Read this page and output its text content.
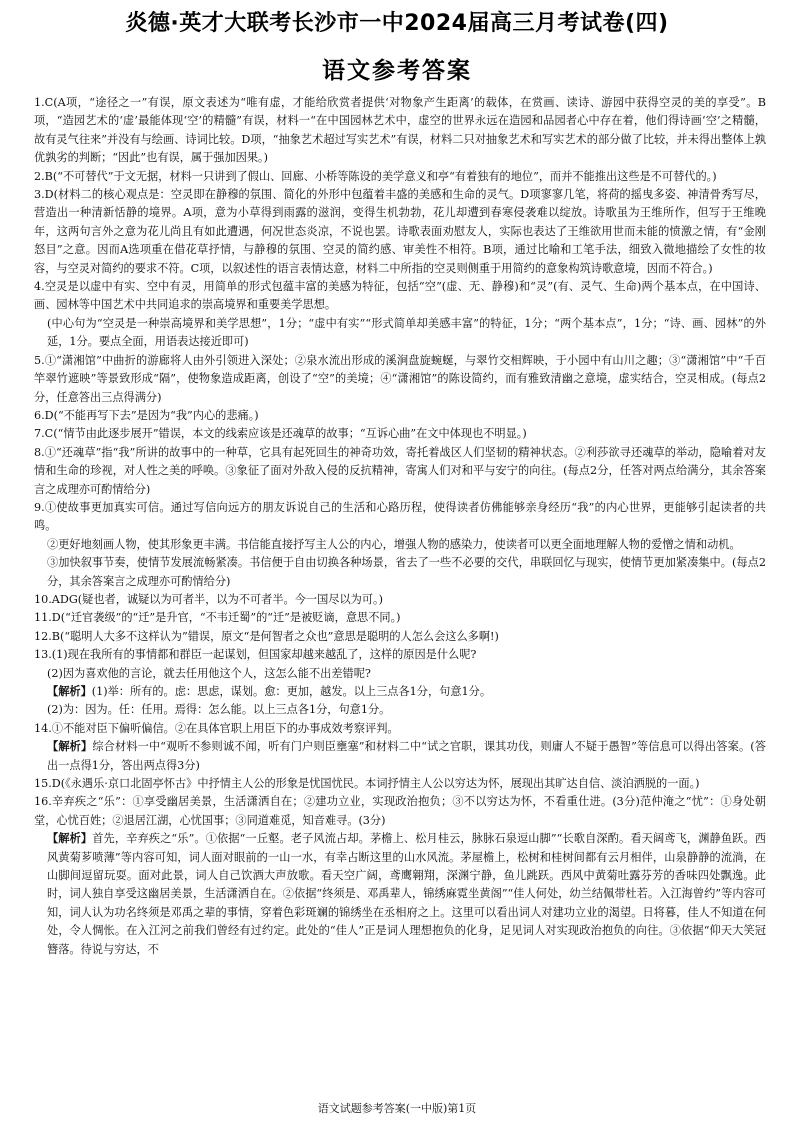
炎德·英才大联考长沙市一中2024届高三月考试卷(四)
语文参考答案

1.C(A项，“途径之一”有误，原文表述为“唯有虚，才能给欣赏者提供‘对物象产生距离’的载体，在赏画、读诗、游园中获得空灵的美的享受”。B项，“造园艺术的‘虚’最能体现‘空’的精髓”有误，材料一“在中国园林艺术中，虚空的世界永远在造园和品园者心中存在着，他们得诗画‘空’之精髓，故有灵气往来”并没有与绘画、诗词比较。D项，“抽象艺术超过写实艺术”有误，材料二只对抽象艺术和写实艺术的部分做了比较，并未得出整体上孰优孰劣的判断；“因此”也有误，属于强加因果。)

2.B(“不可替代”于文无据，材料一只讲到了假山、回廊、小桥等陈设的美学意义和亭“有着独有的地位”，而并不能推出这些是不可替代的。)

3.D(材料二的核心观点是：空灵即在静穆的氛围、简化的外形中包蕴着丰盛的美感和生命的灵气。D项寥寥几笔，将荷的摇曳多姿、神清骨秀写尽，营造出一种清新恬静的境界。A项，意为小草得到雨露的滋润，变得生机勃勃，花儿却遭到春寒侵袭难以绽放。诗歌虽为王维所作，但写于王维晚年，这两句言外之意为花儿尚且有如此遭遇，何况世态炎凉，不说也罢。诗歌表面劝慰友人，实际也表达了王维欲用世而未能的愤激之情，有“金刚怒目”之意。因而A选项重在借花草抒情，与静穆的氛围、空灵的简约感、审美性不相符。B项，通过比喻和工笔手法，细致入微地描绘了女性的妆容，与空灵对简约的要求不符。C项，以叙述性的语言表情达意，材料二中所指的空灵则侧重于用简约的意象构筑诗歌意境，因而不符合。)

4.空灵是以虚中有实、空中有灵，用简单的形式包蕴丰富的美感为特征，包括“空”(虚、无、静穆)和“灵”(有、灵气、生命)两个基本点，在中国诗、画、园林等中国艺术中共同追求的崇高境界和重要美学思想。

(中心句为“空灵是一种崇高境界和美学思想”，1分；“虚中有实”“形式简单却美感丰富”的特征，1分；“两个基本点”，1分；“诗、画、园林”的外延，1分。要点全面，用语表达接近即可)

5.①“潇湘馆”中曲折的游廊将人由外引领进入深处；②泉水流出形成的溪涧盘旋蜿蜒，与翠竹交相辉映，于小园中有山川之趣；③“潇湘馆”中“千百竿翠竹遮映”等景致形成“隔”，使物象造成距离，创设了“空”的美境；④“潇湘馆”的陈设简约，而有雅致清幽之意境，虚实结合，空灵相成。(每点2分，任意答出三点得满分)

6.D(“不能再写下去”是因为“我”内心的悲痛。)

7.C(“情节由此逐步展开”错误，本文的线索应该是还魂草的故事；“互诉心曲”在文中体现也不明显。)

8.①“还魂草”指“我”所讲的故事中的一种草，它具有起死回生的神奇功效，寄托着战区人们坚韧的精神状态。②利莎欲寻还魂草的举动，隐喻着对友情和生命的珍视，对人性之美的呼唤。③象征了面对外敌入侵的反抗精神，寄寓人们对和平与安宁的向往。(每点2分，任答对两点给满分，其余答案言之成理亦可酌情给分)

9.①使故事更加真实可信。通过写信向远方的朋友诉说自己的生活和心路历程，使得读者仿佛能够亲身经历“我”的内心世界，更能够引起读者的共鸣。

②更好地刻画人物，使其形象更丰满。书信能直接抒写主人公的内心，增强人物的感染力，使读者可以更全面地理解人物的爱憎之情和动机。

③加快叙事节奏，使情节发展流畅紧凑。书信便于自由切换各种场景，省去了一些不必要的交代，串联回忆与现实，使情节更加紧凑集中。(每点2分，其余答案言之成理亦可酌情给分)

10.ADG(疑也者，诚疑以为可者半，以为不可者半。今一国尽以为可。)

11.D(“迁官袭级”的“迁”是升官，“不韦迁蜀”的“迁”是被贬谪，意思不同。)

12.B(“聪明人大多不这样认为”错误，原文“是何智者之众也”意思是聪明的人怎么会这么多啊!)

13.(1)现在我所有的事情都和群臣一起谋划，但国家却越来越乱了，这样的原因是什么呢?

(2)因为喜欢他的言论，就去任用他这个人，这怎么能不出差错呢?

【解析】(1)举：所有的。虑：思虑，谋划。愈：更加，越发。以上三点各1分，句意1分。

(2)为：因为。任：任用。焉得：怎么能。以上三点各1分，句意1分。

14.①不能对臣下偏听偏信。②在具体官职上用臣下的办事成效考察评判。

【解析】综合材料一中“观听不参则诚不闻，听有门户则臣壅塞”和材料二中“试之官职，课其功伐，则庸人不疑于愚智”等信息可以得出答案。(答出一点得1分，答出两点得3分)

15.D(《永遇乐·京口北固亭怀古》中抒情主人公的形象是忧国忧民。本词抒情主人公以穷达为怀，展现出其旷达自信、淡泊洒脱的一面。)

16.辛弃疾之“乐”：①享受幽居美景，生活潇洒自在；②建功立业，实现政治抱负；③不以穷达为怀，不看重仕进。(3分)范仲淹之“忧”：①身处朝堂，心忧百姓；②退居江湖，心忧国事；③同道难觅，知音难寻。(3分)

【解析】首先，辛弃疾之“乐”。①依据“一丘壑。老子风流占却。茅檐上、松月桂云，脉脉石泉逗山脚”“长歌自深酌。看天阔鸢飞，渊静鱼跃。西风黄菊芗喷薄”等内容可知，词人面对眼前的一山一水，有幸占断这里的山水风流。茅屋檐上，松树和桂树间都有云月相伴，山泉静静的流淌，在山脚间逗留玩耍。面对此景，词人自己饮酒大声放歌。看天空广阔，鸢鹰翱翔，深渊宁静，鱼儿跳跃。西风中黄菊吐露芬芳的香味四处飘逸。此时，词人独自享受这幽居美景，生活潇洒自在。②依据“终须是、邓禹辈人，锦绣麻霓坐黄阁”“佳人何处，幼兰结佩带杜若。入江海曾约”等内容可知，词人认为功名终须是邓禹之辈的事情，穿着色彩斑斓的锦绣坐在丞相府之上。这里可以看出词人对建功立业的渴望。日将暮，佳人不知道在何处，令人惆怅。在入江河之前我们曾经有过约定。此处的“佳人”正是词人理想抱负的化身，足见词人对实现政治抱负的向往。③依据“仰天大笑冠簪落。待说与穷达，不

语文试题参考答案(一中版)第1页
